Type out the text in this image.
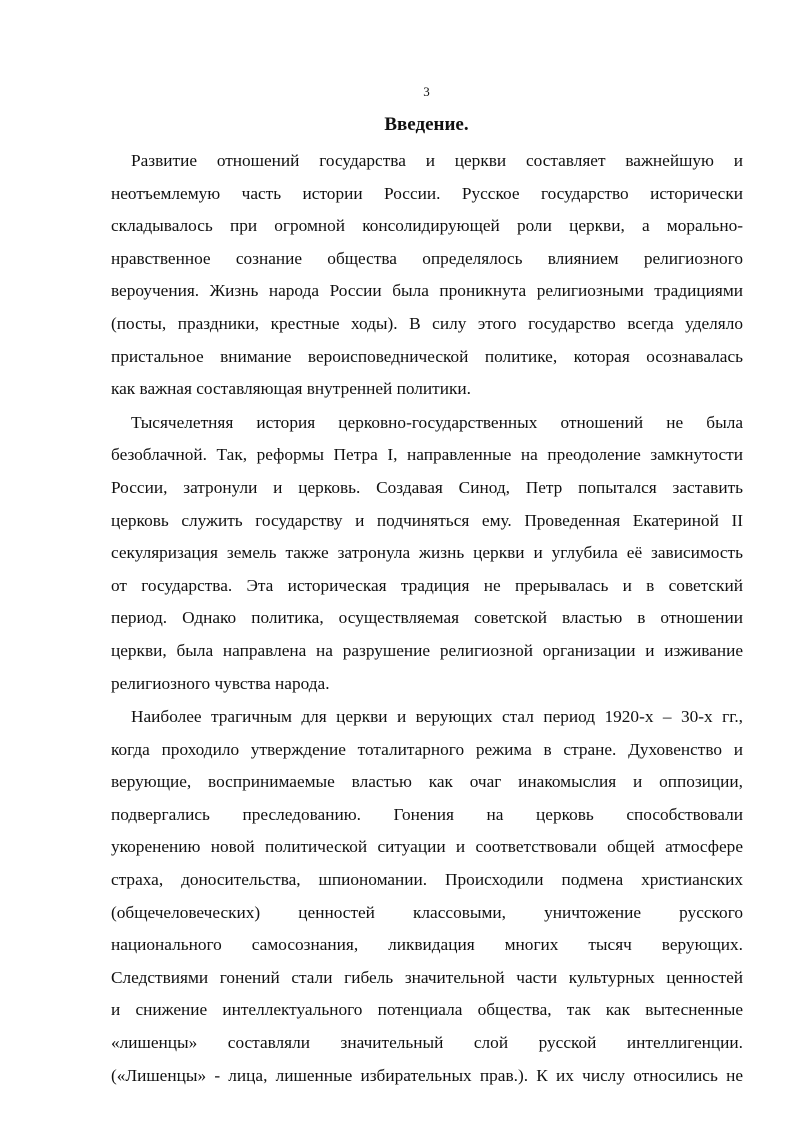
3
Введение.

Развитие отношений государства и церкви составляет важнейшую и
неотъемлемую часть истории России. Русское государство исторически
складывалось при огромной консолидирующей роли церкви, а морально-
нравственное сознание общества определялось влиянием религиозного
вероучения. Жизнь народа России была проникнута религиозными традициями
(посты, праздники, крестные ходы). В силу этого государство всегда уделяло
пристальное внимание вероисповеднической политике, которая осознавалась
как важная составляющая внутренней политики.

Тысячелетняя история церковно-государственных отношений не была
безоблачной. Так, реформы Петра I, направленные на преодоление замкнутости
России, затронули и церковь. Создавая Синод, Петр попытался заставить
церковь служить государству и подчиняться ему. Проведенная Екатериной II
секуляризация земель также затронула жизнь церкви и углубила её зависимость
от государства. Эта историческая традиция не прерывалась и в советский
период. Однако политика, осуществляемая советской властью в отношении
церкви, была направлена на разрушение религиозной организации и изживание
религиозного чувства народа.

Наиболее трагичным для церкви и верующих стал период 1920-х – 30-х гг.,
когда проходило утверждение тоталитарного режима в стране. Духовенство и
верующие, воспринимаемые властью как очаг инакомыслия и оппозиции,
подвергались преследованию. Гонения на церковь способствовали
укоренению новой политической ситуации и соответствовали общей атмосфере
страха, доносительства, шпиономании. Происходили подмена христианских
(общечеловеческих) ценностей классовыми, уничтожение русского
национального самосознания, ликвидация многих тысяч верующих.
Следствиями гонений стали гибель значительной части культурных ценностей
и снижение интеллектуального потенциала общества, так как вытесненные
«лишенцы» составляли значительный слой русской интеллигенции.
(«Лишенцы» - лица, лишенные избирательных прав.). К их числу относились не
